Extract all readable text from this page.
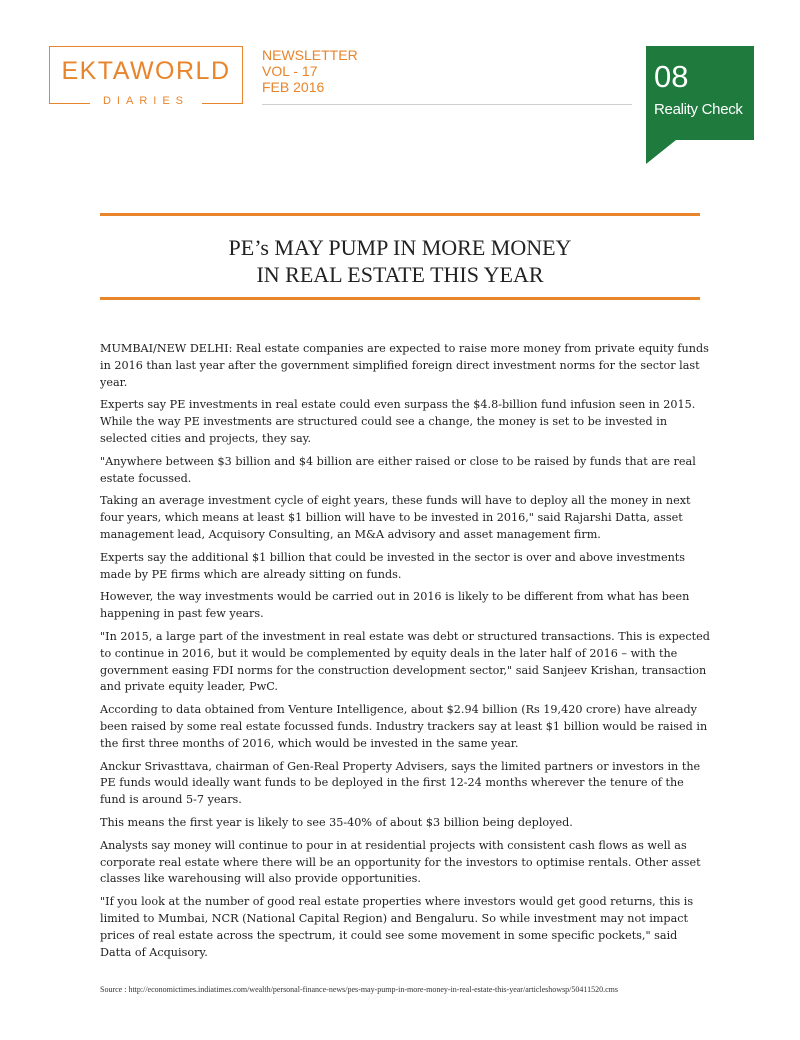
EKTAWORLD
DIARIES
NEWSLETTER
VOL - 17
FEB 2016	08
Reality Check
PE’s MAY PUMP IN MORE MONEY
IN REAL ESTATE THIS YEAR

MUMBAI/NEW DELHI: Real estate companies are expected to raise more money from private equity funds in 2016 than last year after the government simplified foreign direct investment norms for the sector last year.

Experts say PE investments in real estate could even surpass the $4.8-billion fund infusion seen in 2015. While the way PE investments are structured could see a change, the money is set to be invested in selected cities and projects, they say.

"Anywhere between $3 billion and $4 billion are either raised or close to be raised by funds that are real estate focussed.

Taking an average investment cycle of eight years, these funds will have to deploy all the money in next four years, which means at least $1 billion will have to be invested in 2016," said Rajarshi Datta, asset management lead, Acquisory Consulting, an M&A advisory and asset management firm.

Experts say the additional $1 billion that could be invested in the sector is over and above investments made by PE firms which are already sitting on funds.

However, the way investments would be carried out in 2016 is likely to be different from what has been happening in past few years.

"In 2015, a large part of the investment in real estate was debt or structured transactions. This is expected to continue in 2016, but it would be complemented by equity deals in the later half of 2016 – with the government easing FDI norms for the construction development sector," said Sanjeev Krishan, transaction and private equity leader, PwC.

According to data obtained from Venture Intelligence, about $2.94 billion (Rs 19,420 crore) have already been raised by some real estate focussed funds. Industry trackers say at least $1 billion would be raised in the first three months of 2016, which would be invested in the same year.

Anckur Srivasttava, chairman of Gen-Real Property Advisers, says the limited partners or investors in the PE funds would ideally want funds to be deployed in the first 12-24 months wherever the tenure of the fund is around 5-7 years.

This means the first year is likely to see 35-40% of about $3 billion being deployed.

Analysts say money will continue to pour in at residential projects with consistent cash flows as well as corporate real estate where there will be an opportunity for the investors to optimise rentals. Other asset classes like warehousing will also provide opportunities.

"If you look at the number of good real estate properties where investors would get good returns, this is limited to Mumbai, NCR (National Capital Region) and Bengaluru. So while investment may not impact prices of real estate across the spectrum, it could see some movement in some specific pockets," said Datta of Acquisory.

Source : http://economictimes.indiatimes.com/wealth/personal-finance-news/pes-may-pump-in-more-money-in-real-estate-this-year/articleshowsp/50411520.cms
